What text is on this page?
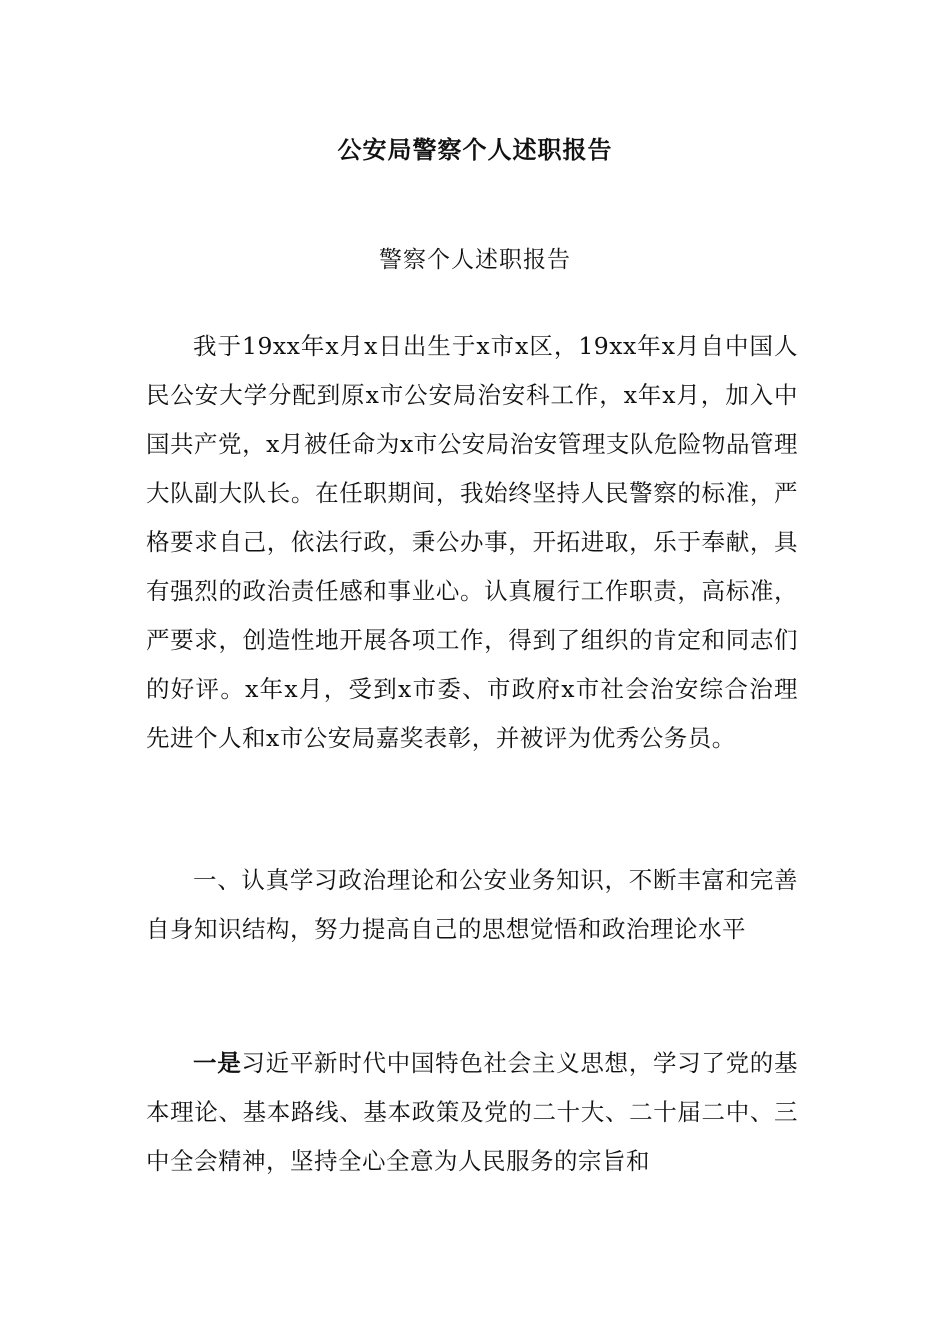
公安局警察个人述职报告
警察个人述职报告

我于19xx年x月x日出生于x市x区，19xx年x月自中国人民公安大学分配到原x市公安局治安科工作，x年x月，加入中国共产党，x月被任命为x市公安局治安管理支队危险物品管理大队副大队长。在任职期间，我始终坚持人民警察的标准，严格要求自己，依法行政，秉公办事，开拓进取，乐于奉献，具有强烈的政治责任感和事业心。认真履行工作职责，高标准，严要求，创造性地开展各项工作，得到了组织的肯定和同志们的好评。x年x月，受到x市委、市政府x市社会治安综合治理先进个人和x市公安局嘉奖表彰，并被评为优秀公务员。

一、认真学习政治理论和公安业务知识，不断丰富和完善自身知识结构，努力提高自己的思想觉悟和政治理论水平

一是习近平新时代中国特色社会主义思想，学习了党的基本理论、基本路线、基本政策及党的二十大、二十届二中、三中全会精神，坚持全心全意为人民服务的宗旨和
